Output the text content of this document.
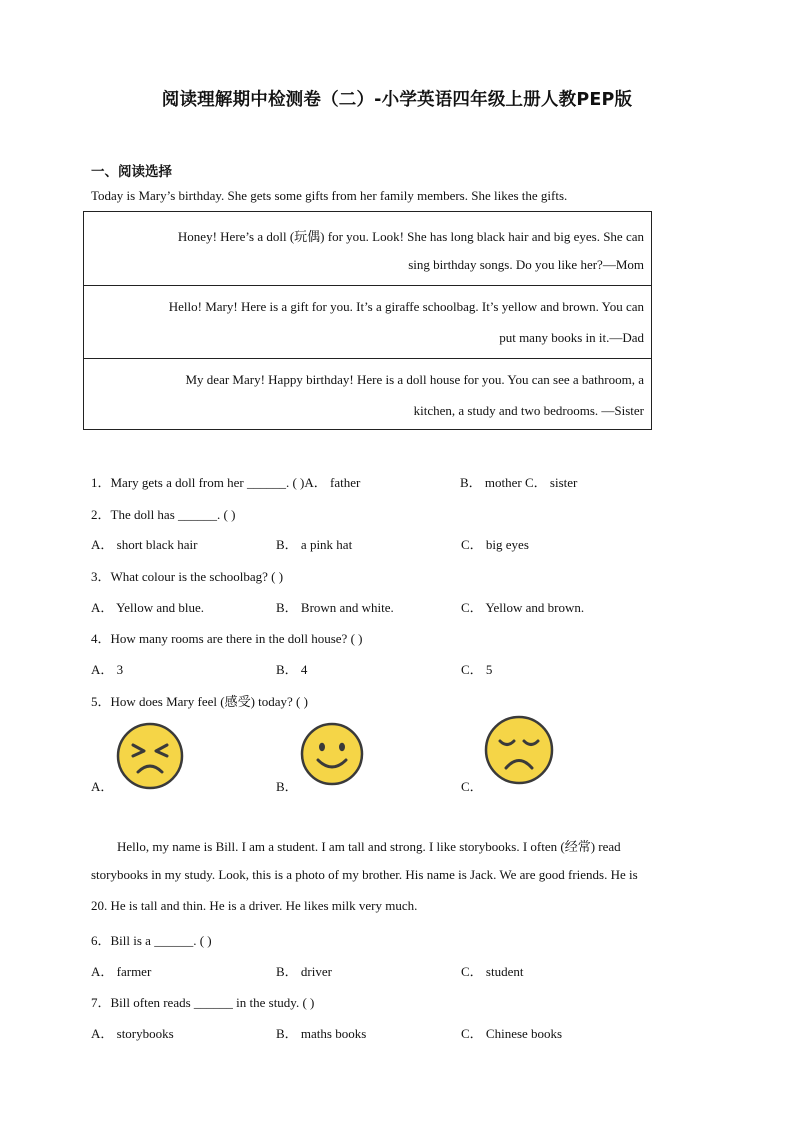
阅读理解期中检测卷（二）-小学英语四年级上册人教PEP版
一、阅读选择
Today is Mary’s birthday. She gets some gifts from her family members. She likes the gifts.
Honey! Here’s a doll (玩偶) for you. Look! She has long black hair and big eyes. She can
sing birthday songs. Do you like her?—Mom
Hello! Mary! Here is a gift for you. It’s a giraffe schoolbag. It’s yellow and brown. You can
put many books in it.—Dad
My dear Mary! Happy birthday! Here is a doll house for you. You can see a bathroom, a
kitchen, a study and two bedrooms. —Sister
1．Mary gets a doll from her ______. ( )A． father	B． mother C． sister
2．The doll has ______. ( )
A． short black hair	B． a pink hat	C． big eyes
3．What colour is the schoolbag? ( )
A． Yellow and blue.	B． Brown and white.	C． Yellow and brown.
4．How many rooms are there in the doll house? ( )
A． 3	B． 4	C． 5
5．How does Mary feel (感受) today? ( )
A．	B．	C．
Hello, my name is Bill. I am a student. I am tall and strong. I like storybooks. I often (经常) read
storybooks in my study. Look, this is a photo of my brother. His name is Jack. We are good friends. He is
20. He is tall and thin. He is a driver. He likes milk very much.
6．Bill is a ______. ( )
A． farmer	B． driver	C． student
7．Bill often reads ______ in the study. ( )
A． storybooks	B． maths books	C． Chinese books
